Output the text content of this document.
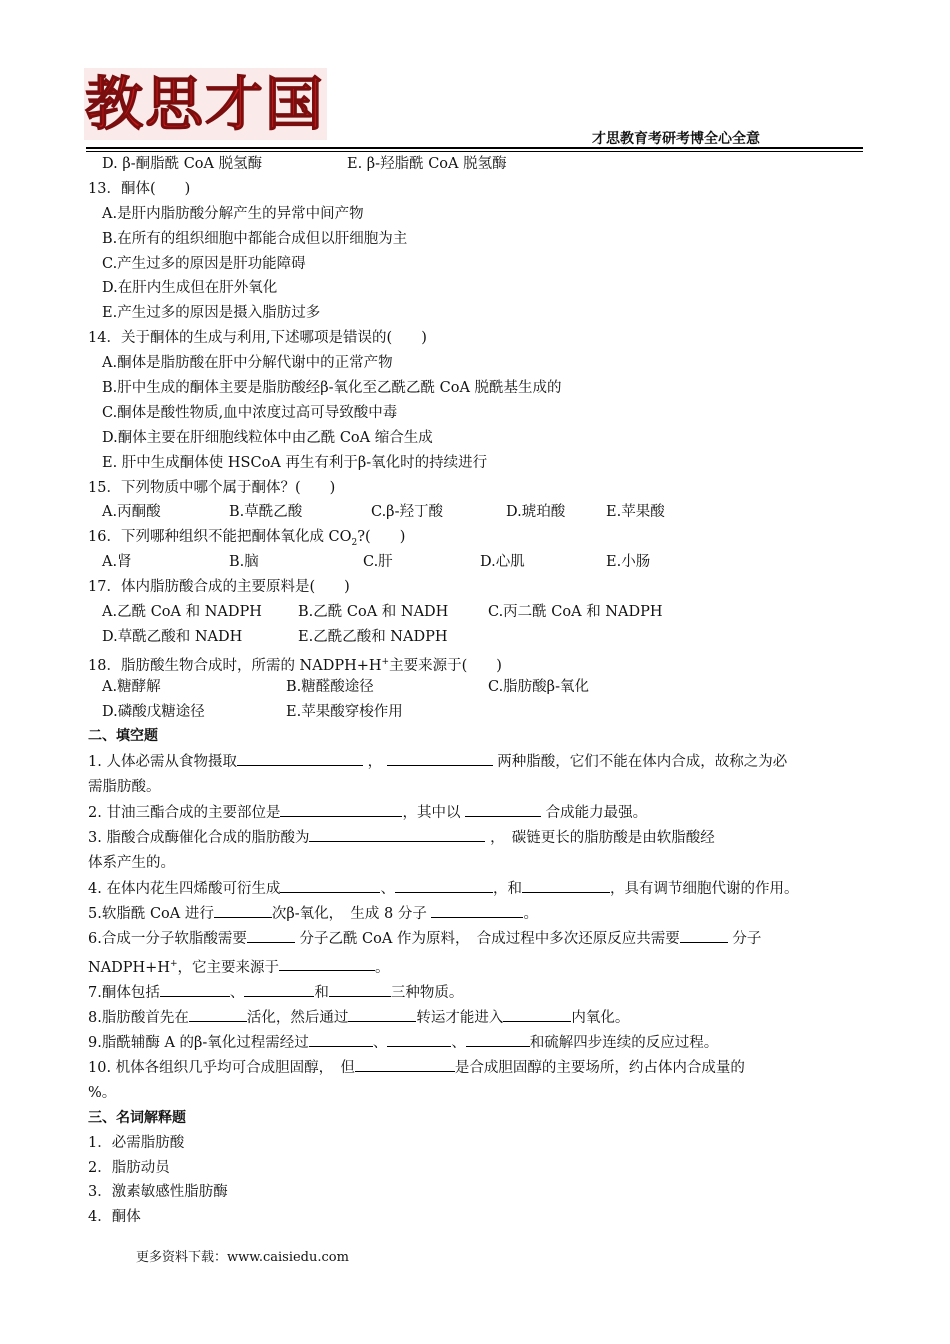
教思才国
才思教育考研考博全心全意
D. β-酮脂酰 CoA 脱氢酶	E. β-羟脂酰 CoA 脱氢酶
13．酮体(　　)
A.是肝内脂肪酸分解产生的异常中间产物
B.在所有的组织细胞中都能合成但以肝细胞为主
C.产生过多的原因是肝功能障碍
D.在肝内生成但在肝外氧化
E.产生过多的原因是摄入脂肪过多
14．关于酮体的生成与利用,下述哪项是错误的(　　)
A.酮体是脂肪酸在肝中分解代谢中的正常产物
B.肝中生成的酮体主要是脂肪酸经β-氧化至乙酰乙酰 CoA 脱酰基生成的
C.酮体是酸性物质,血中浓度过高可导致酸中毒
D.酮体主要在肝细胞线粒体中由乙酰 CoA 缩合生成
E. 肝中生成酮体使 HSCoA 再生有利于β-氧化时的持续进行
15．下列物质中哪个属于酮体？(　　)
A.丙酮酸	B.草酰乙酸	C.β-羟丁酸	D.琥珀酸	E.苹果酸
16．下列哪种组织不能把酮体氧化成 $CO_2$?(　　)
A.肾	B.脑	C.肝	D.心肌	E.小肠
17．体内脂肪酸合成的主要原料是(　　)
A.乙酰 CoA 和 NADPH B.乙酰 CoA 和 NADH	C.丙二酰 CoA 和 NADPH
D.草酰乙酸和 NADH	E.乙酰乙酸和 NADPH
18．脂肪酸生物合成时，所需的 NADPH+H+主要来源于(　　)
A.糖酵解	B.糖醛酸途径	C.脂肪酸β-氧化
D.磷酸戊糖途径	E.苹果酸穿梭作用
二、填空题
1. 人体必需从食物摄取	，	两种脂酸，它们不能在体内合成，故称之为必
需脂肪酸。
2. 甘油三酯合成的主要部位是	，其中以	合成能力最强。
3. 脂酸合成酶催化合成的脂肪酸为	，　碳链更长的脂肪酸是由软脂酸经
体系产生的。
4. 在体内花生四烯酸可衍生成	、	，和	，具有调节细胞代谢的作用。
5.软脂酰 CoA 进行	次β-氧化，　生成 8 分子	。
6.合成一分子软脂酸需要	分子乙酰 CoA 作为原料，　合成过程中多次还原反应共需要	分子
NADPH+H+，它主要来源于	。
7.酮体包括	、	和	三种物质。
8.脂肪酸首先在	活化，然后通过	转运才能进入	内氧化。
9.脂酰辅酶 A 的β-氧化过程需经过	、	、	和硫解四步连续的反应过程。
10. 机体各组织几乎均可合成胆固醇，　但	是合成胆固醇的主要场所，约占体内合成量的
%。
三、名词解释题
1．必需脂肪酸
2．脂肪动员
3．激素敏感性脂肪酶
4．酮体
更多资料下载：www.caisiedu.com
